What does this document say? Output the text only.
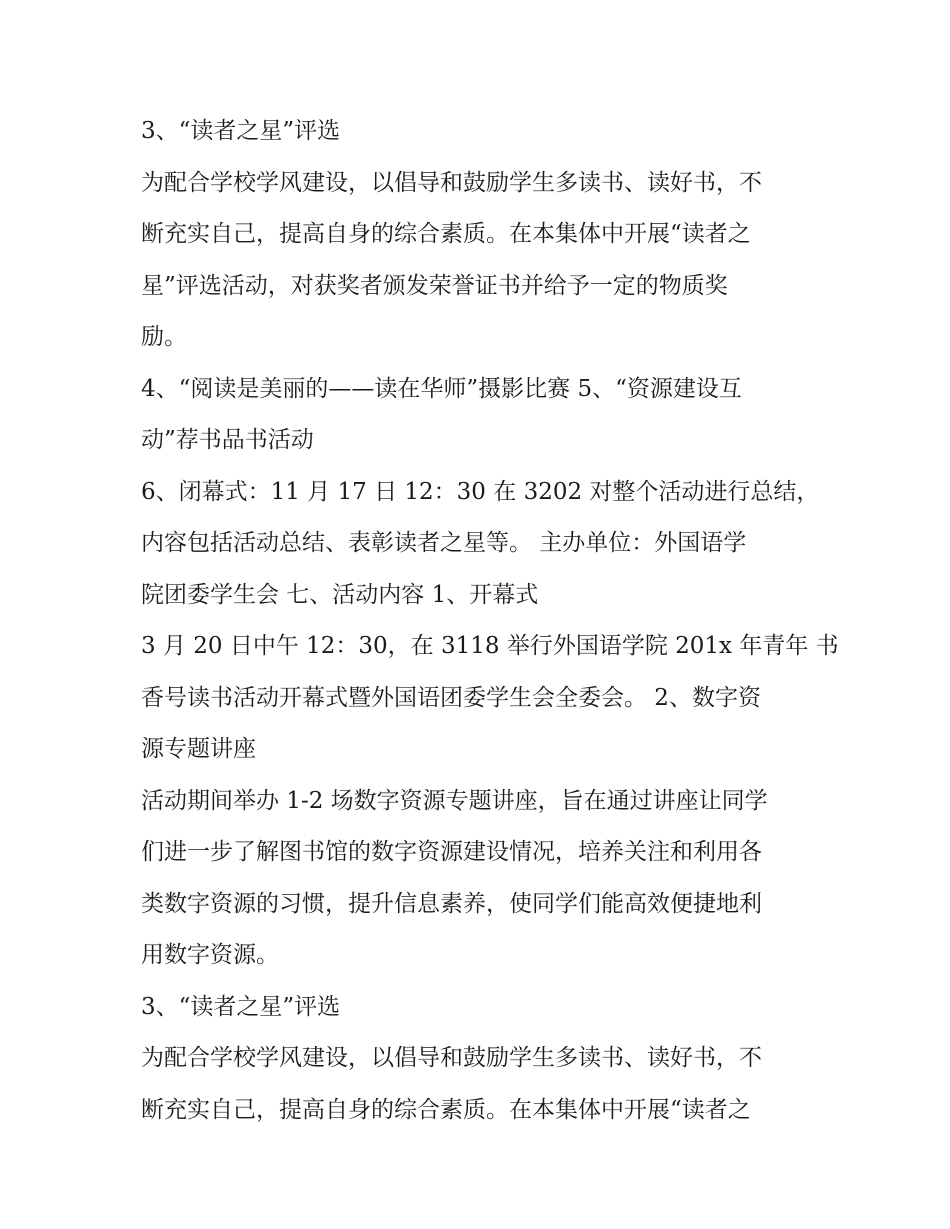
3、“读者之星”评选
为配合学校学风建设，以倡导和鼓励学生多读书、读好书，不
断充实自己，提高自身的综合素质。在本集体中开展“读者之
星”评选活动，对获奖者颁发荣誉证书并给予一定的物质奖
励。
4、“阅读是美丽的——读在华师”摄影比赛 5、“资源建设互
动”荐书品书活动
6、闭幕式：11 月 17 日 12：30 在 3202 对整个活动进行总结，
内容包括活动总结、表彰读者之星等。 主办单位：外国语学
院团委学生会 七、活动内容 1、开幕式
3 月 20 日中午 12：30，在 3118 举行外国语学院 201x 年青年 书
香号读书活动开幕式暨外国语团委学生会全委会。 2、数字资
源专题讲座
活动期间举办 1-2 场数字资源专题讲座，旨在通过讲座让同学
们进一步了解图书馆的数字资源建设情况，培养关注和利用各
类数字资源的习惯，提升信息素养，使同学们能高效便捷地利
用数字资源。
3、“读者之星”评选
为配合学校学风建设，以倡导和鼓励学生多读书、读好书，不
断充实自己，提高自身的综合素质。在本集体中开展“读者之
